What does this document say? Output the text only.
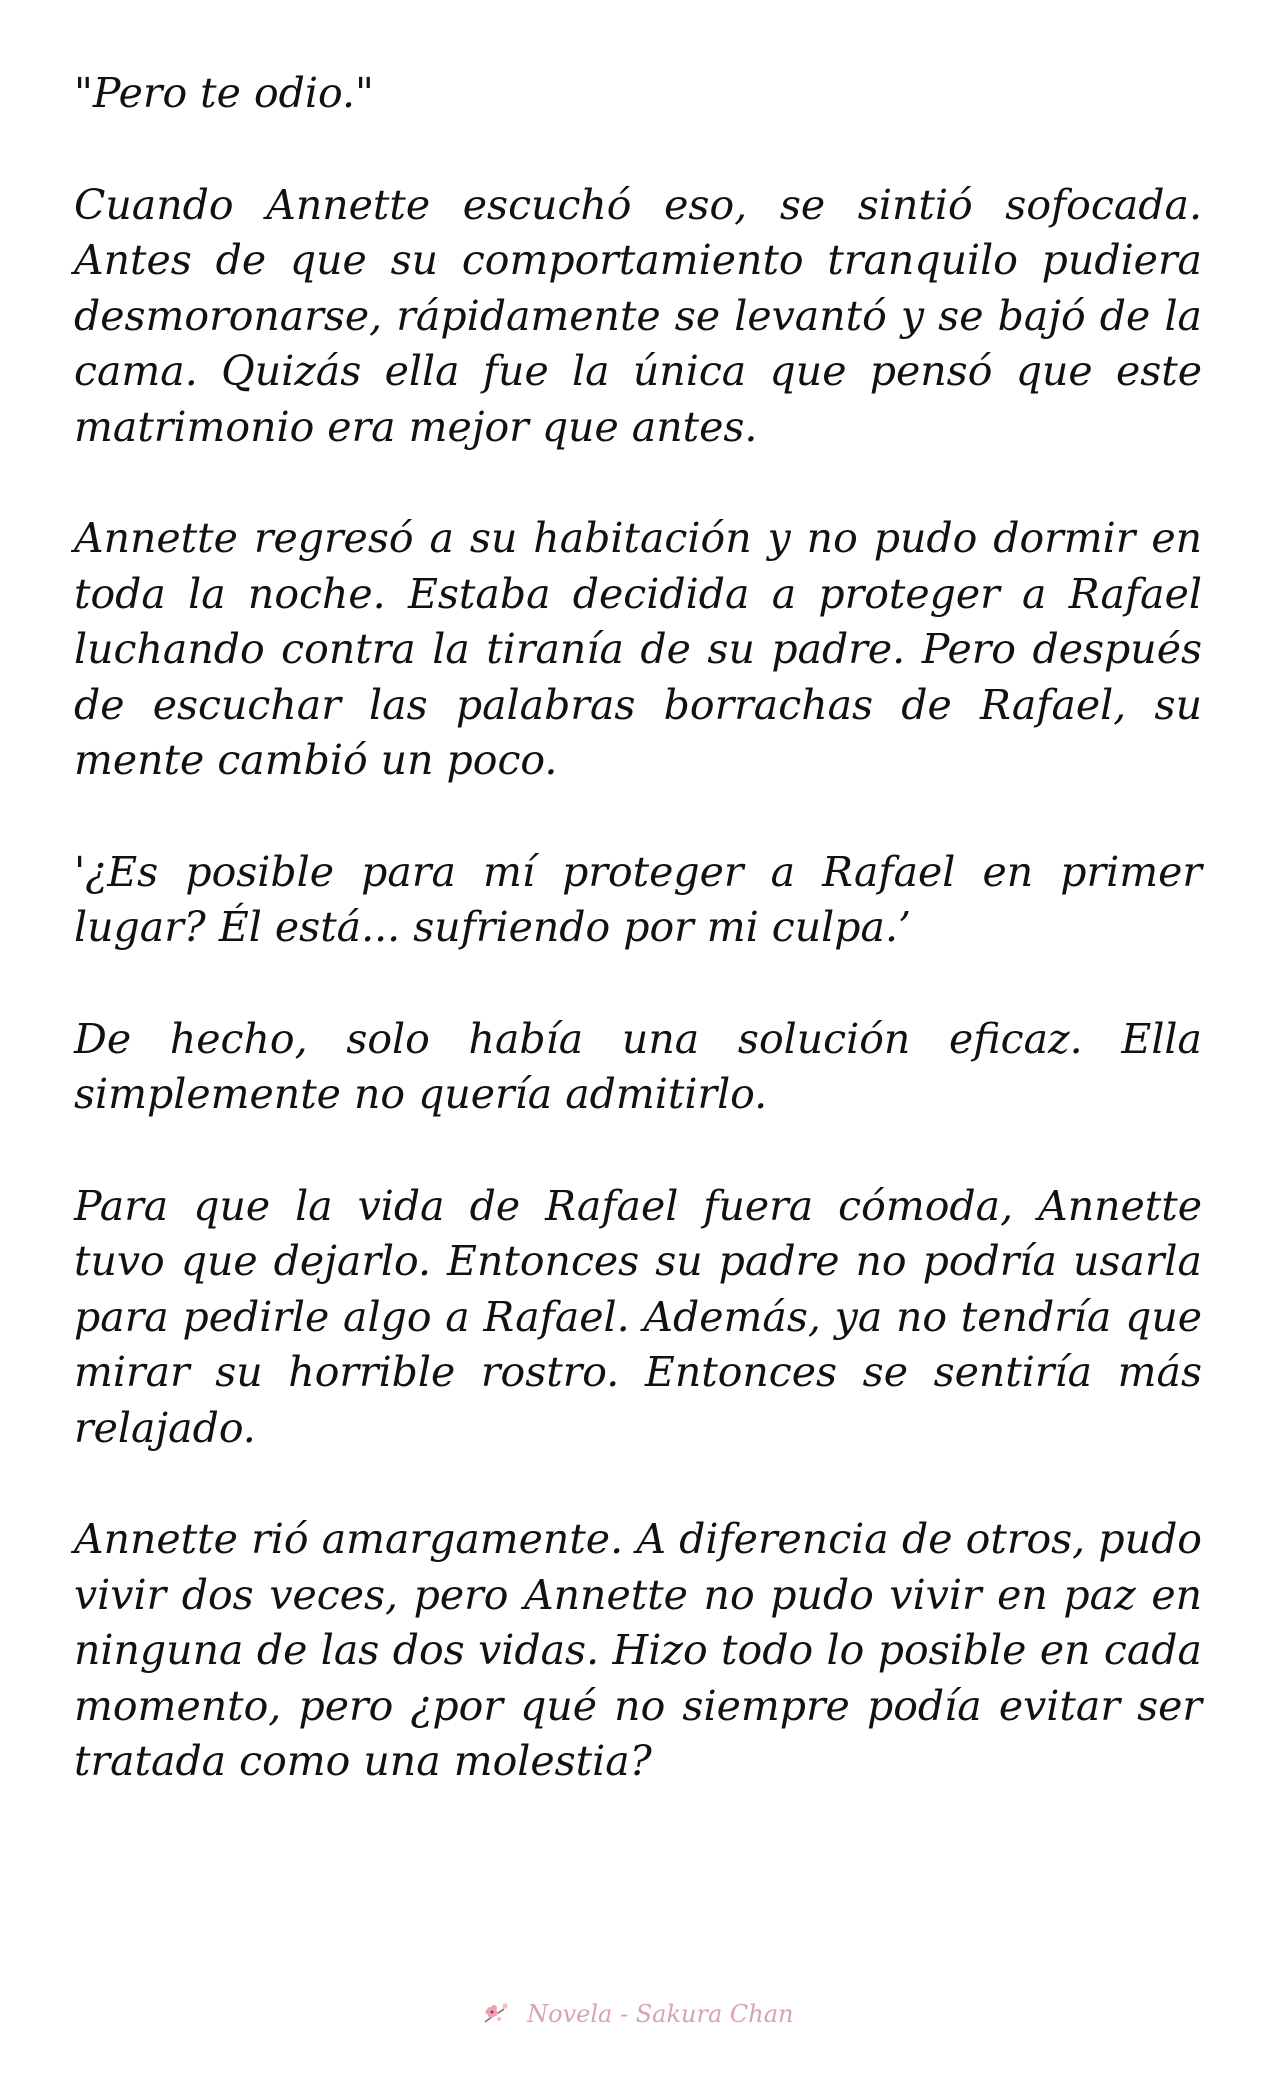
"Pero te odio."

Cuando Annette escuchó eso, se sintió sofocada. Antes de que su comportamiento tranquilo pudiera desmoronarse, rápidamente se levantó y se bajó de la cama. Quizás ella fue la única que pensó que este matrimonio era mejor que antes.

Annette regresó a su habitación y no pudo dormir en toda la noche. Estaba decidida a proteger a Rafael luchando contra la tiranía de su padre. Pero después de escuchar las palabras borrachas de Rafael, su mente cambió un poco.

'¿Es posible para mí proteger a Rafael en primer lugar? Él está... sufriendo por mi culpa.’

De hecho, solo había una solución eficaz. Ella simplemente no quería admitirlo.

Para que la vida de Rafael fuera cómoda, Annette tuvo que dejarlo. Entonces su padre no podría usarla para pedirle algo a Rafael. Además, ya no tendría que mirar su horrible rostro. Entonces se sentiría más relajado.

Annette rió amargamente. A diferencia de otros, pudo vivir dos veces, pero Annette no pudo vivir en paz en ninguna de las dos vidas. Hizo todo lo posible en cada momento, pero ¿por qué no siempre podía evitar ser tratada como una molestia?

Novela - Sakura Chan
